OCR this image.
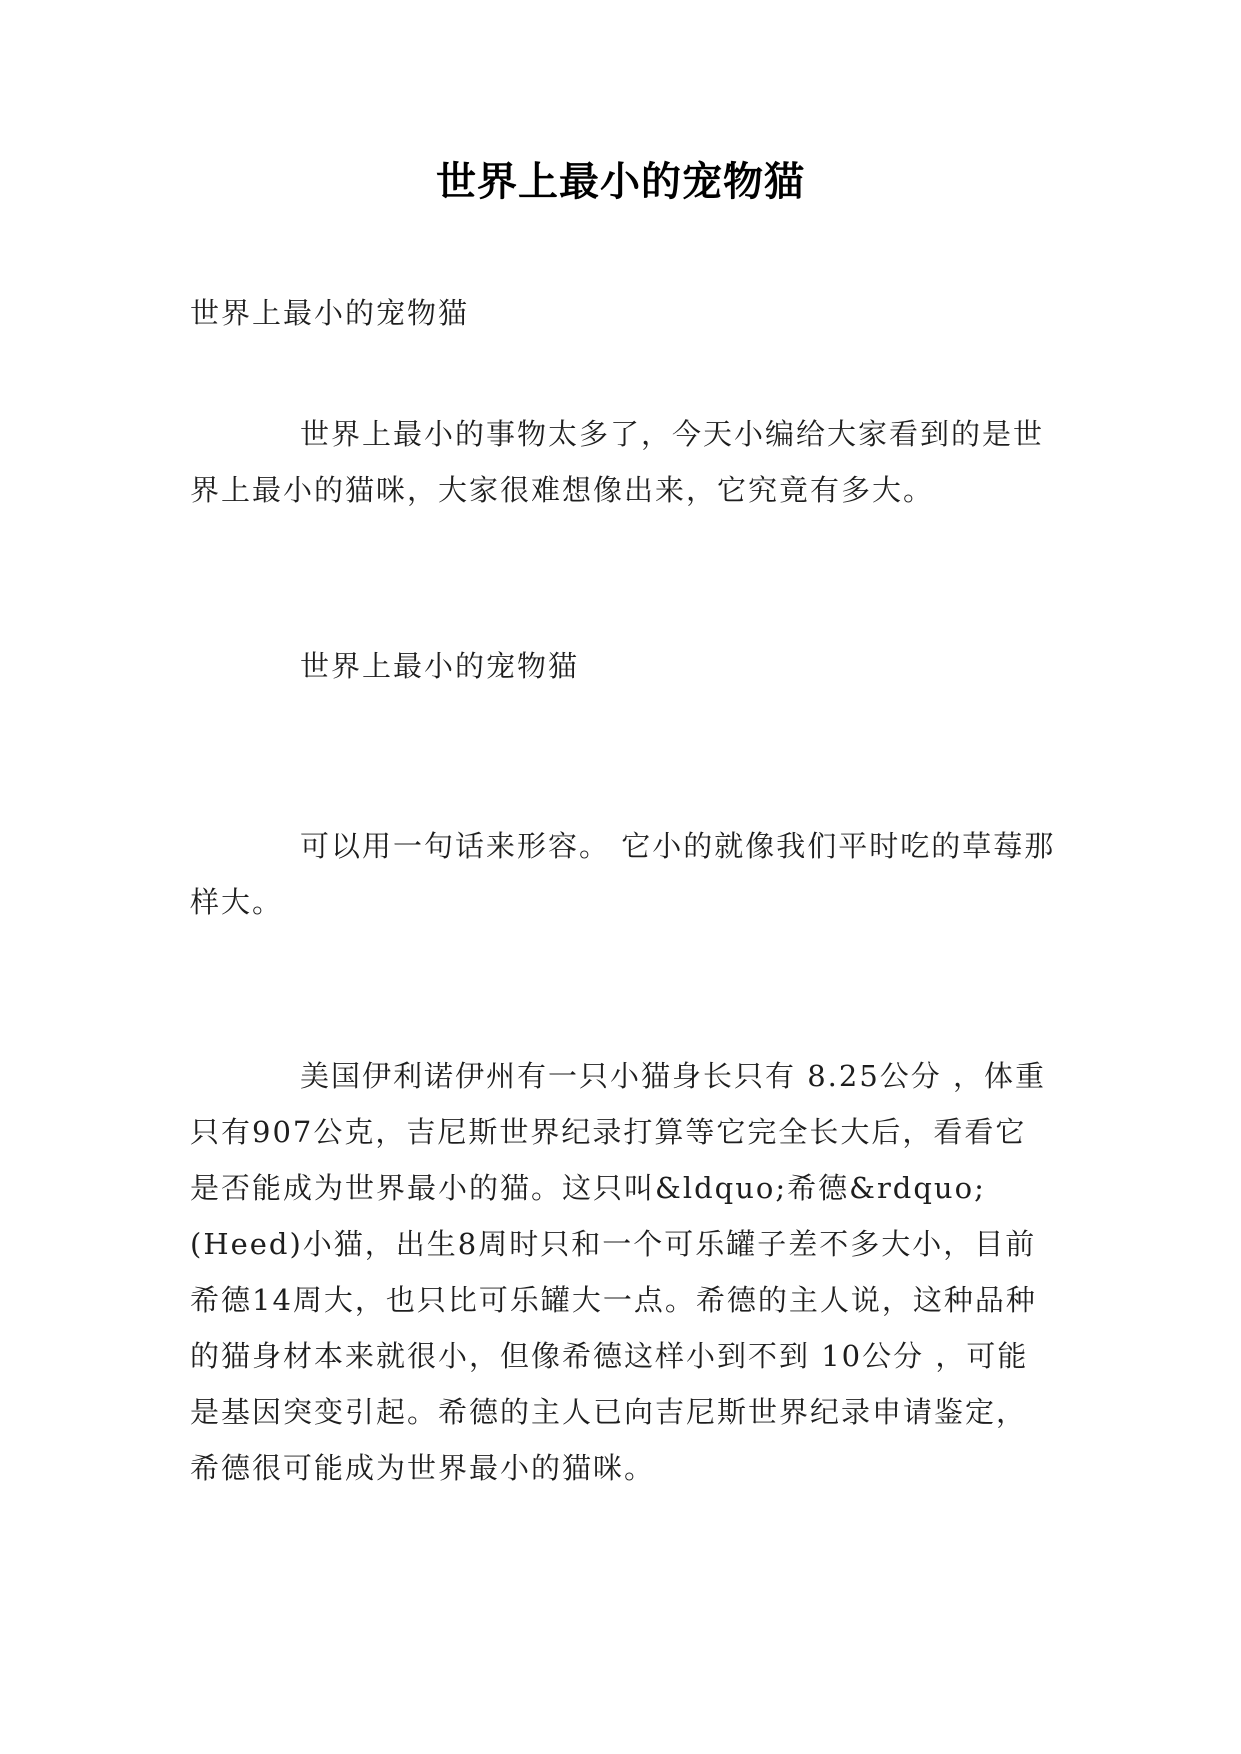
世界上最小的宠物猫

世界上最小的宠物猫

世界上最小的事物太多了，今天小编给大家看到的是世界上最小的猫咪，大家很难想像出来，它究竟有多大。

世界上最小的宠物猫

可以用一句话来形容。 它小的就像我们平时吃的草莓那样大。

美国伊利诺伊州有一只小猫身长只有 8.25公分 ，体重只有907公克，吉尼斯世界纪录打算等它完全长大后，看看它是否能成为世界最小的猫。这只叫&ldquo;希德&rdquo;(Heed)小猫，出生8周时只和一个可乐罐子差不多大小，目前希德14周大，也只比可乐罐大一点。希德的主人说，这种品种的猫身材本来就很小，但像希德这样小到不到 10公分 ，可能是基因突变引起。希德的主人已向吉尼斯世界纪录申请鉴定，希德很可能成为世界最小的猫咪。
